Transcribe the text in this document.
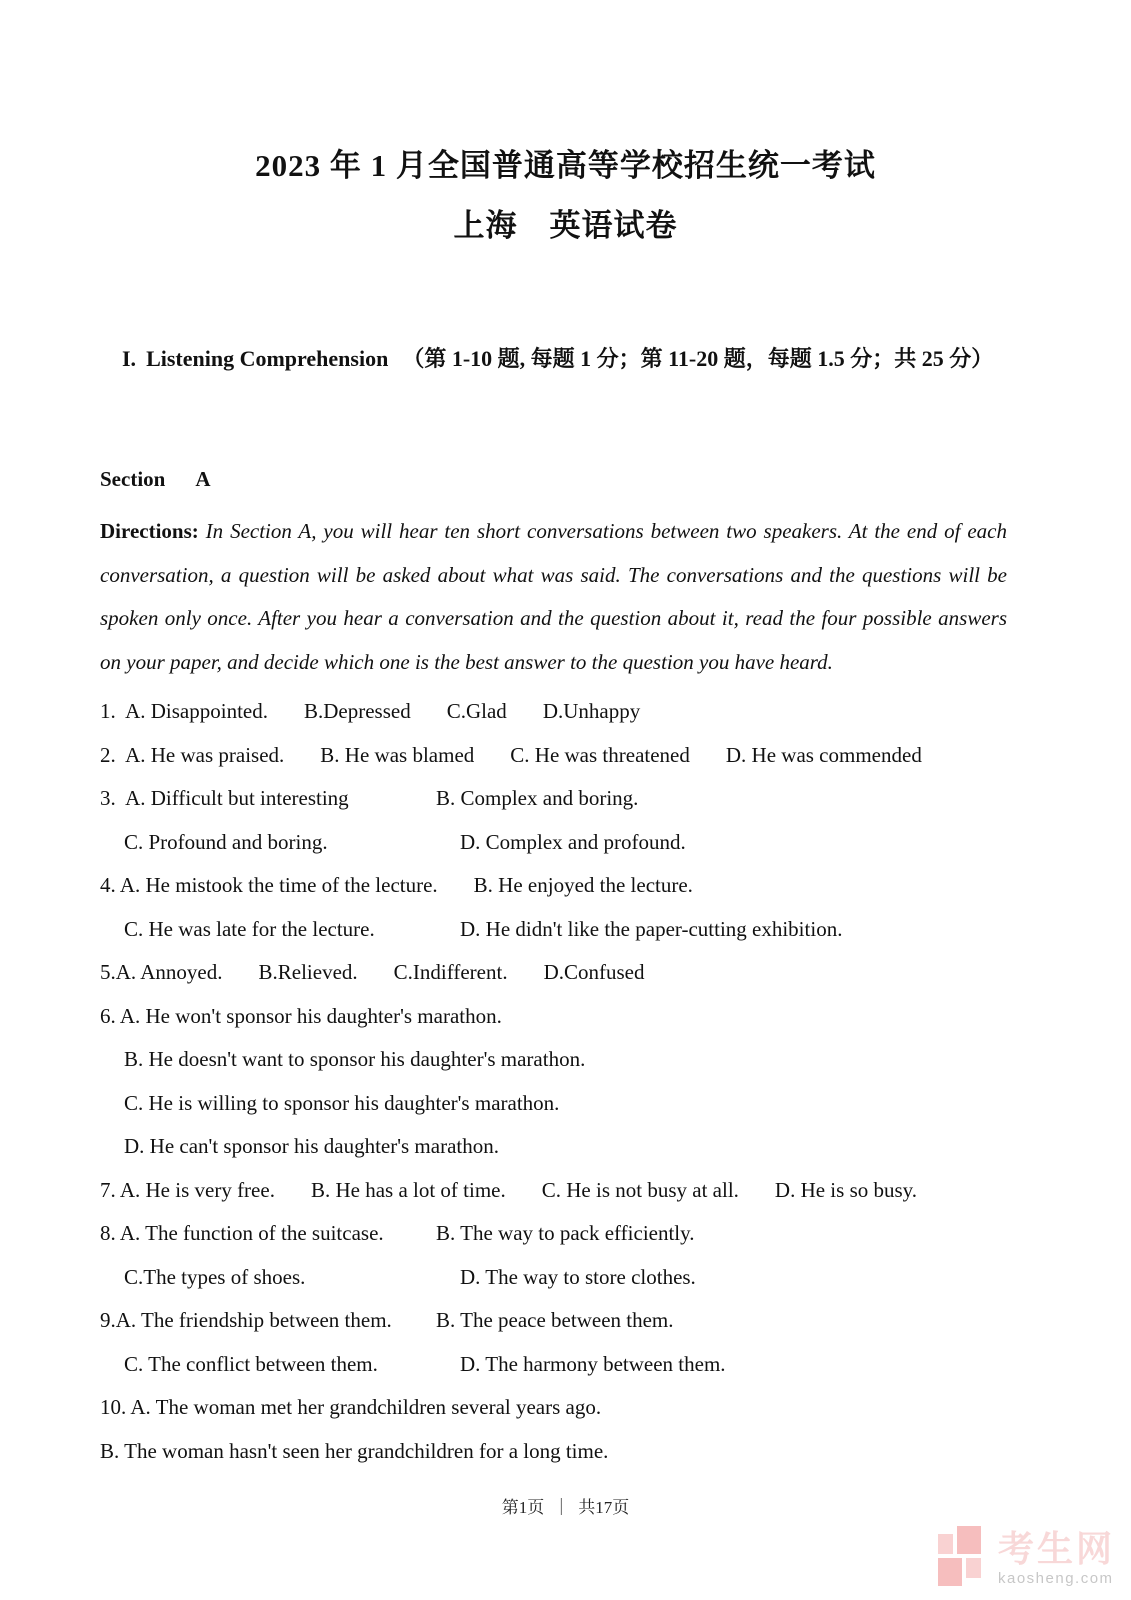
2023 年 1 月全国普通高等学校招生统一考试
上海　英语试卷

I. Listening Comprehension （第 1-10 题, 每题 1 分；第 11-20 题，每题 1.5 分；共 25 分）

Section A

Directions: In Section A, you will hear ten short conversations between two speakers. At the end of each conversation, a question will be asked about what was said. The conversations and the questions will be spoken only once. After you hear a conversation and the question about it, read the four possible answers on your paper, and decide which one is the best answer to the question you have heard.

1.  A. Disappointed. B.Depressed C.Glad D.Unhappy
2.  A. He was praised. B. He was blamed C. He was threatened D. He was commended
3.  A. Difficult but interesting	B. Complex and boring.
C. Profound and boring.	D. Complex and profound.
4. A. He mistook the time of the lecture. B. He enjoyed the lecture.
C. He was late for the lecture.	D. He didn't like the paper-cutting exhibition.
5.A. Annoyed. B.Relieved. C.Indifferent. D.Confused
6. A. He won't sponsor his daughter's marathon.
B. He doesn't want to sponsor his daughter's marathon.
C. He is willing to sponsor his daughter's marathon.
D. He can't sponsor his daughter's marathon.
7. A. He is very free. B. He has a lot of time. C. He is not busy at all. D. He is so busy.
8. A. The function of the suitcase.	B. The way to pack efficiently.
C.The types of shoes.	D. The way to store clothes.
9.A. The friendship between them.	B. The peace between them.
C. The conflict between them.	D. The harmony between them.
10. A. The woman met her grandchildren several years ago.
B. The woman hasn't seen her grandchildren for a long time.
第1页  ｜  共17页
考生网
kaosheng.com
